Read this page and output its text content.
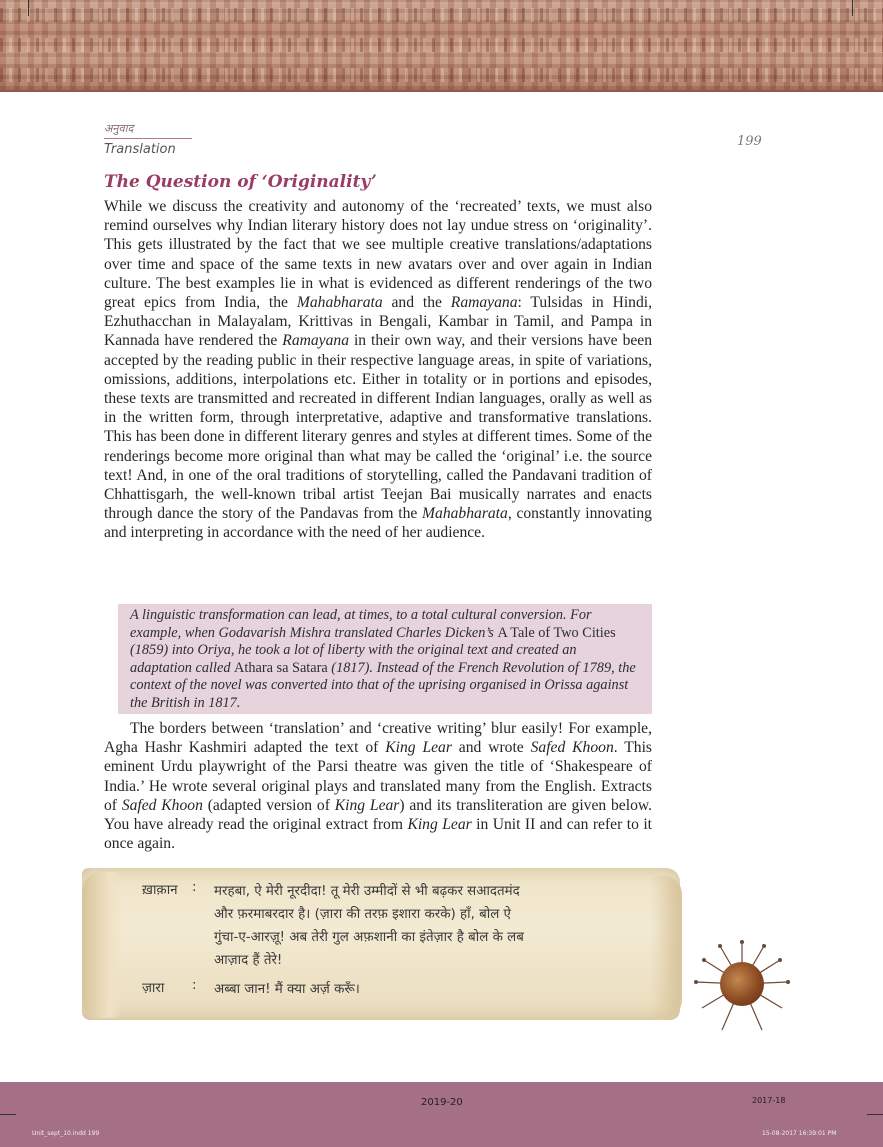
अनुवाद
Translation
199
The Question of ‘Originality’

While we discuss the creativity and autonomy of the ‘recreated’ texts, we must also remind ourselves why Indian literary history does not lay undue stress on ‘originality’. This gets illustrated by the fact that we see multiple creative translations/adaptations over time and space of the same texts in new avatars over and over again in Indian culture. The best examples lie in what is evidenced as different renderings of the two great epics from India, the Mahabharata and the Ramayana: Tulsidas in Hindi, Ezhuthacchan in Malayalam, Krittivas in Bengali, Kambar in Tamil, and Pampa in Kannada have rendered the Ramayana in their own way, and their versions have been accepted by the reading public in their respective language areas, in spite of variations, omissions, additions, interpolations etc. Either in totality or in portions and episodes, these texts are transmitted and recreated in different Indian languages, orally as well as in the written form, through interpretative, adaptive and transformative translations. This has been done in different literary genres and styles at different times. Some of the renderings become more original than what may be called the ‘original’ i.e. the source text! And, in one of the oral traditions of storytelling, called the Pandavani tradition of Chhattisgarh, the well-known tribal artist Teejan Bai musically narrates and enacts through dance the story of the Pandavas from the Mahabharata, constantly innovating and interpreting in accordance with the need of her audience.

A linguistic transformation can lead, at times, to a total cultural conversion. For example, when Godavarish Mishra translated Charles Dicken’s A Tale of Two Cities (1859) into Oriya, he took a lot of liberty with the original text and created an adaptation called Athara sa Satara (1817). Instead of the French Revolution of 1789, the context of the novel was converted into that of the uprising organised in Orissa against the British in 1817.

The borders between ‘translation’ and ‘creative writing’ blur easily! For example, Agha Hashr Kashmiri adapted the text of King Lear and wrote Safed Khoon. This eminent Urdu playwright of the Parsi theatre was given the title of ‘Shakespeare of India.’ He wrote several original plays and translated many from the English. Extracts of Safed Khoon (adapted version of King Lear) and its transliteration are given below. You have already read the original extract from King Lear in Unit II and can refer to it once again.

ख़ाक़ान	:	मरहबा, ऐ मेरी नूरदीदा! तू मेरी उम्मीदों से भी बढ़कर सआदतमंद
और फ़रमाबरदार है। (ज़ारा की तरफ़ इशारा करके) हाँ, बोल ऐ
गुंचा-ए-आरज़ू! अब तेरी गुल अफ़शानी का इंतेज़ार है बोल के लब
आज़ाद हैं तेरे!
ज़ारा	:	अब्बा जान! मैं क्या अर्ज़ करूँ।
2019-20	2017-18
Unit_sept_10.indd 199	15-08-2017 16:39:01 PM
